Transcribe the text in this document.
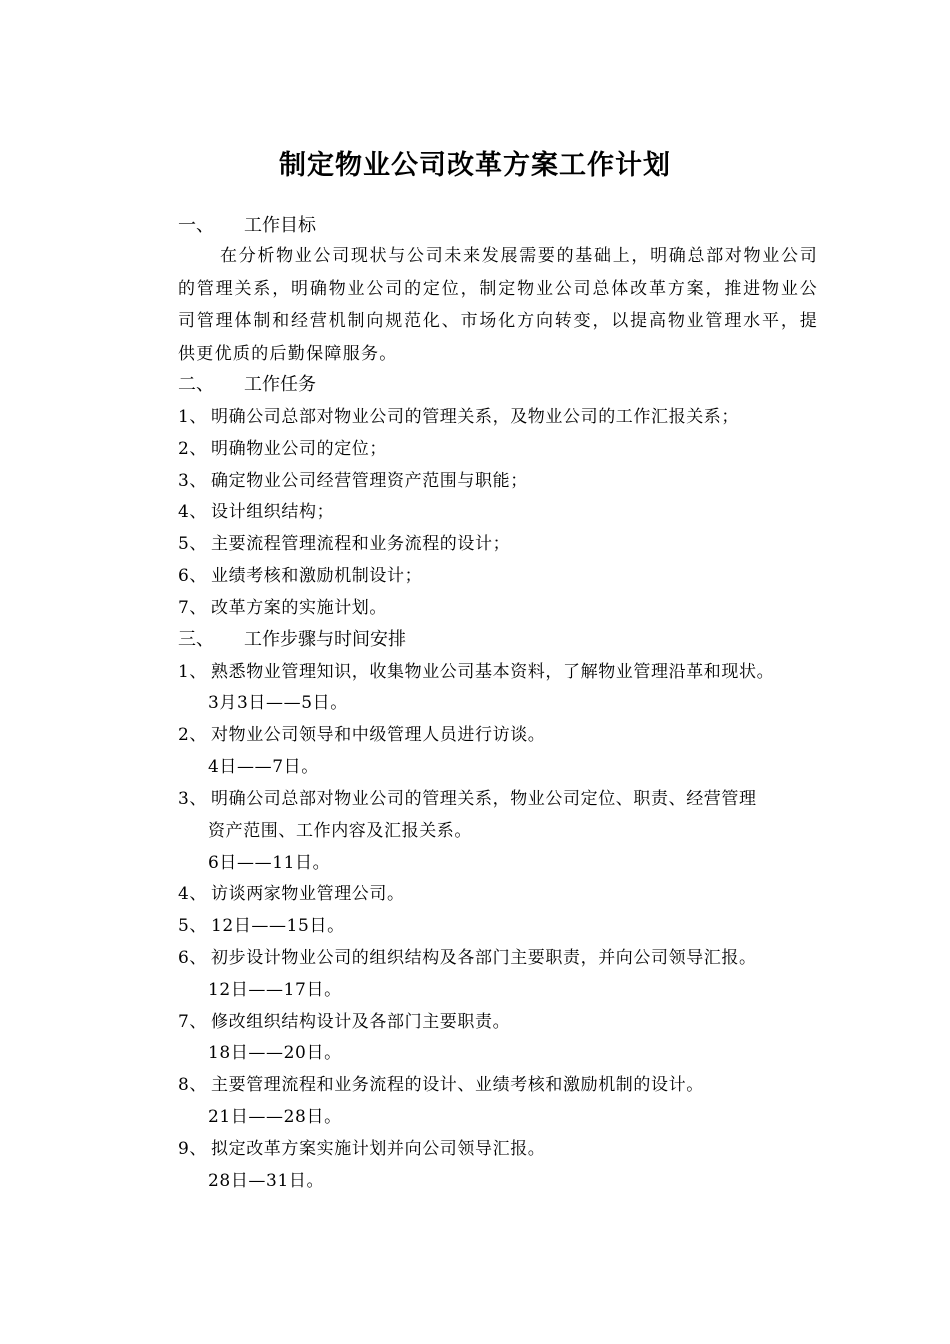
制定物业公司改革方案工作计划
一、 工作目标
在分析物业公司现状与公司未来发展需要的基础上，明确总部对物业公司的管理关系，明确物业公司的定位，制定物业公司总体改革方案，推进物业公司管理体制和经营机制向规范化、市场化方向转变，以提高物业管理水平，提供更优质的后勤保障服务。
二、 工作任务
1、 明确公司总部对物业公司的管理关系，及物业公司的工作汇报关系；
2、 明确物业公司的定位；
3、 确定物业公司经营管理资产范围与职能；
4、 设计组织结构；
5、 主要流程管理流程和业务流程的设计；
6、 业绩考核和激励机制设计；
7、 改革方案的实施计划。
三、 工作步骤与时间安排
1、 熟悉物业管理知识，收集物业公司基本资料，了解物业管理沿革和现状。
3月3日——5日。
2、 对物业公司领导和中级管理人员进行访谈。
4日——7日。
3、 明确公司总部对物业公司的管理关系，物业公司定位、职责、经营管理
资产范围、工作内容及汇报关系。
6日——11日。
4、 访谈两家物业管理公司。
5、 12日——15日。
6、 初步设计物业公司的组织结构及各部门主要职责，并向公司领导汇报。
12日——17日。
7、 修改组织结构设计及各部门主要职责。
18日——20日。
8、 主要管理流程和业务流程的设计、业绩考核和激励机制的设计。
21日——28日。
9、 拟定改革方案实施计划并向公司领导汇报。
28日—31日。
